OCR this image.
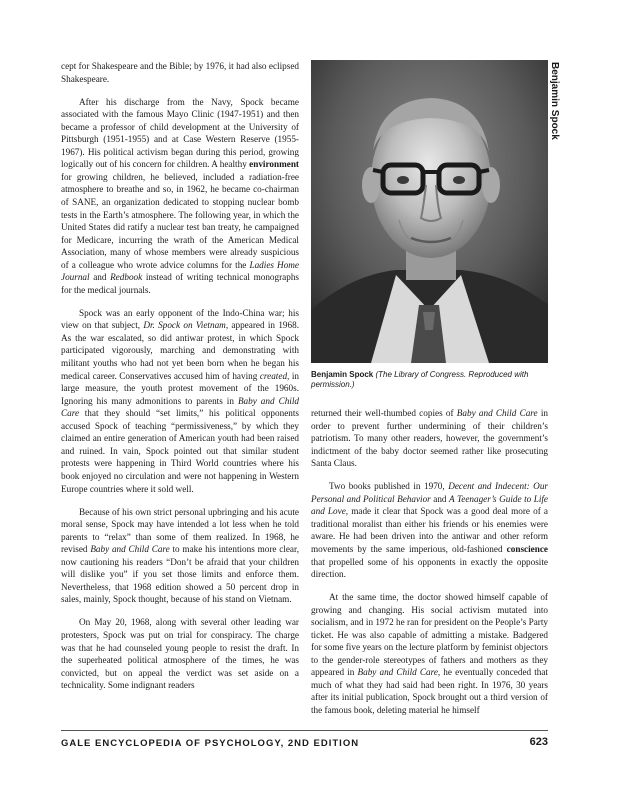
Benjamin Spock

cept for Shakespeare and the Bible; by 1976, it had also eclipsed Shakespeare.

After his discharge from the Navy, Spock became associated with the famous Mayo Clinic (1947-1951) and then became a professor of child development at the University of Pittsburgh (1951-1955) and at Case Western Reserve (1955-1967). His political activism began during this period, growing logically out of his concern for children. A healthy environment for growing children, he believed, included a radiation-free atmosphere to breathe and so, in 1962, he became co-chairman of SANE, an organization dedicated to stopping nuclear bomb tests in the Earth’s atmosphere. The following year, in which the United States did ratify a nuclear test ban treaty, he campaigned for Medicare, incurring the wrath of the American Medical Association, many of whose members were already suspicious of a colleague who wrote advice columns for the Ladies Home Journal and Redbook instead of writing technical monographs for the medical journals.

Spock was an early opponent of the Indo-China war; his view on that subject, Dr. Spock on Vietnam, appeared in 1968. As the war escalated, so did antiwar protest, in which Spock participated vigorously, marching and demonstrating with militant youths who had not yet been born when he began his medical career. Conservatives accused him of having created, in large measure, the youth protest movement of the 1960s. Ignoring his many admonitions to parents in Baby and Child Care that they should “set limits,” his political opponents accused Spock of teaching “permissiveness,” by which they claimed an entire generation of American youth had been raised and ruined. In vain, Spock pointed out that similar student protests were happening in Third World countries where his book enjoyed no circulation and were not happening in Western Europe countries where it sold well.

Because of his own strict personal upbringing and his acute moral sense, Spock may have intended a lot less when he told parents to “relax” than some of them realized. In 1968, he revised Baby and Child Care to make his intentions more clear, now cautioning his readers “Don’t be afraid that your children will dislike you” if you set those limits and enforce them. Nevertheless, that 1968 edition showed a 50 percent drop in sales, mainly, Spock thought, because of his stand on Vietnam.

On May 20, 1968, along with several other leading war protesters, Spock was put on trial for conspiracy. The charge was that he had counseled young people to resist the draft. In the superheated political atmosphere of the times, he was convicted, but on appeal the verdict was set aside on a technicality. Some indignant readers

Benjamin Spock (The Library of Congress. Reproduced with permission.)

returned their well-thumbed copies of Baby and Child Care in order to prevent further undermining of their children’s patriotism. To many other readers, however, the government’s indictment of the baby doctor seemed rather like prosecuting Santa Claus.

Two books published in 1970, Decent and Indecent: Our Personal and Political Behavior and A Teenager’s Guide to Life and Love, made it clear that Spock was a good deal more of a traditional moralist than either his friends or his enemies were aware. He had been driven into the antiwar and other reform movements by the same imperious, old-fashioned conscience that propelled some of his opponents in exactly the opposite direction.

At the same time, the doctor showed himself capable of growing and changing. His social activism mutated into socialism, and in 1972 he ran for president on the People’s Party ticket. He was also capable of admitting a mistake. Badgered for some five years on the lecture platform by feminist objectors to the gender-role stereotypes of fathers and mothers as they appeared in Baby and Child Care, he eventually conceded that much of what they had said had been right. In 1976, 30 years after its initial publication, Spock brought out a third version of the famous book, deleting material he himself

GALE ENCYCLOPEDIA OF PSYCHOLOGY, 2ND EDITION	623
